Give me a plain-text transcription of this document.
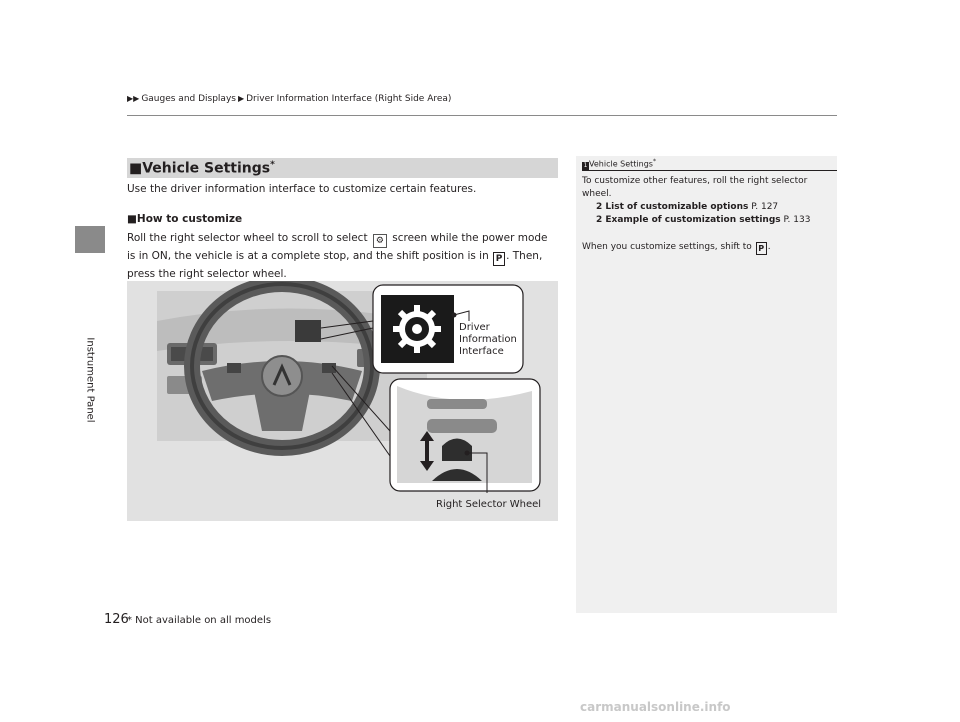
Instrument Panel
▶▶ Gauges and Displays ▶ Driver Information Interface (Right Side Area)
■Vehicle Settings*
Use the driver information interface to customize certain features.
■How to customize
Roll the right selector wheel to scroll to select ⚙ screen while the power mode is in ON, the vehicle is at a complete stop, and the shift position is in P . Then, press the right selector wheel.
Driver
Information
Interface
Right Selector Wheel
1 Vehicle Settings*
To customize other features, roll the right selector
wheel.
2 List of customizable options P. 127
2 Example of customization settings P. 133
When you customize settings, shift to P .
126
* Not available on all models
carmanualsonline.info
